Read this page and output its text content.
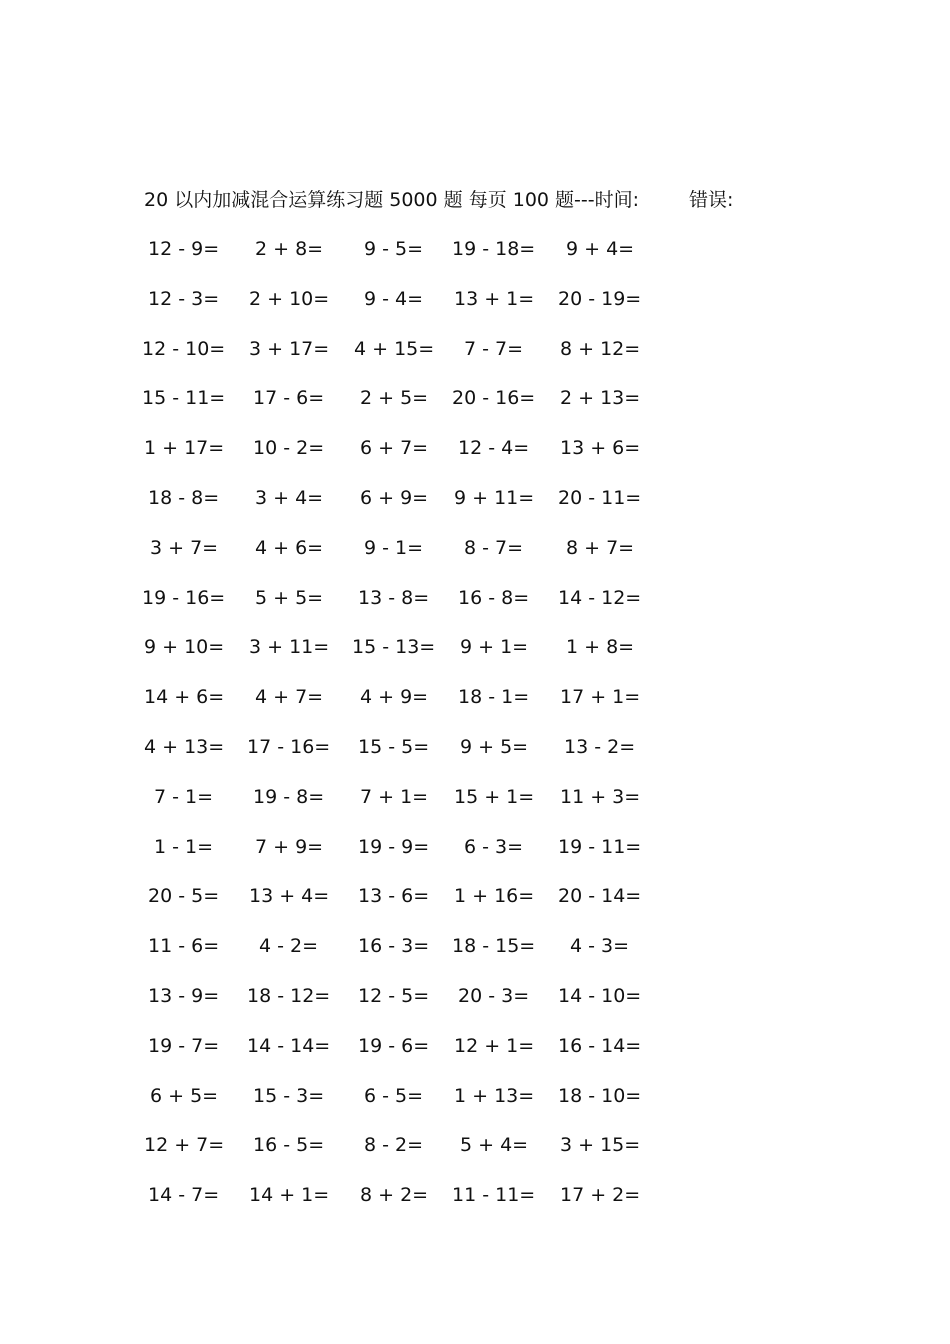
20 以内加减混合运算练习题 5000 题 每页 100 题---时间:	错误:
12 - 9= 2 + 8= 9 - 5= 19 - 18= 9 + 4=
12 - 3= 2 + 10= 9 - 4= 13 + 1= 20 - 19=
12 - 10= 3 + 17= 4 + 15= 7 - 7= 8 + 12=
15 - 11= 17 - 6= 2 + 5= 20 - 16= 2 + 13=
1 + 17= 10 - 2= 6 + 7= 12 - 4= 13 + 6=
18 - 8= 3 + 4= 6 + 9= 9 + 11= 20 - 11=
3 + 7= 4 + 6= 9 - 1= 8 - 7= 8 + 7=
19 - 16= 5 + 5= 13 - 8= 16 - 8= 14 - 12=
9 + 10= 3 + 11= 15 - 13= 9 + 1= 1 + 8=
14 + 6= 4 + 7= 4 + 9= 18 - 1= 17 + 1=
4 + 13= 17 - 16= 15 - 5= 9 + 5= 13 - 2=
7 - 1= 19 - 8= 7 + 1= 15 + 1= 11 + 3=
1 - 1= 7 + 9= 19 - 9= 6 - 3= 19 - 11=
20 - 5= 13 + 4= 13 - 6= 1 + 16= 20 - 14=
11 - 6= 4 - 2= 16 - 3= 18 - 15= 4 - 3=
13 - 9= 18 - 12= 12 - 5= 20 - 3= 14 - 10=
19 - 7= 14 - 14= 19 - 6= 12 + 1= 16 - 14=
6 + 5= 15 - 3= 6 - 5= 1 + 13= 18 - 10=
12 + 7= 16 - 5= 8 - 2= 5 + 4= 3 + 15=
14 - 7= 14 + 1= 8 + 2= 11 - 11= 17 + 2=
